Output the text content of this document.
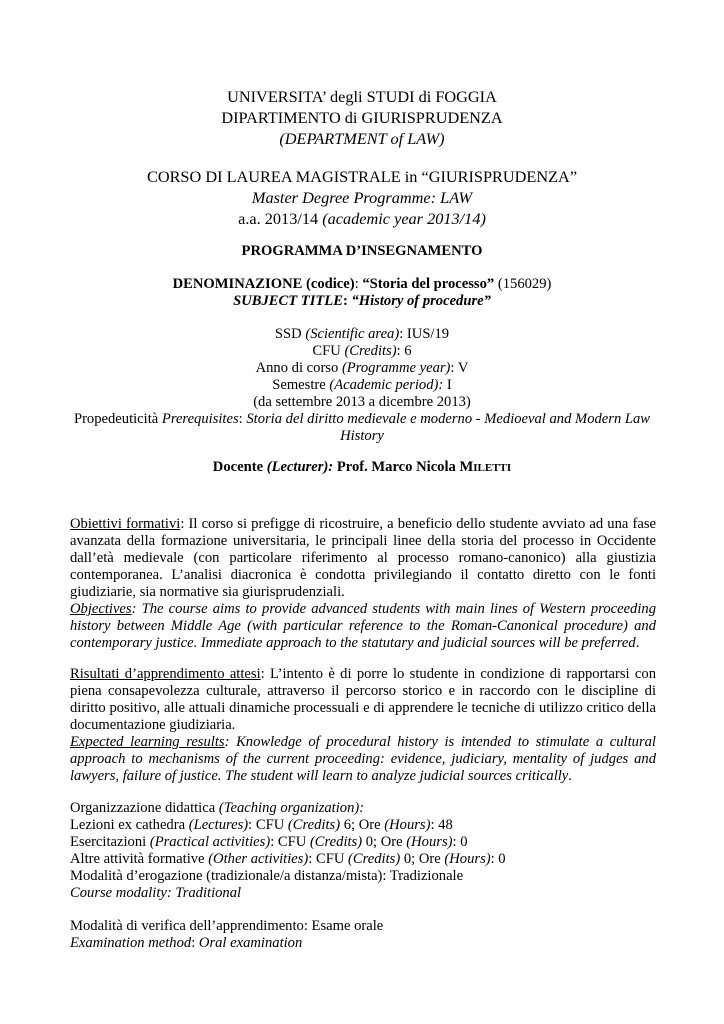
UNIVERSITA’ degli STUDI di FOGGIA
DIPARTIMENTO di GIURISPRUDENZA
(DEPARTMENT of LAW)
CORSO DI LAUREA MAGISTRALE in “GIURISPRUDENZA”
Master Degree Programme: LAW
a.a. 2013/14 (academic year 2013/14)
PROGRAMMA D’INSEGNAMENTO
DENOMINAZIONE (codice): “Storia del processo” (156029)
SUBJECT TITLE: “History of procedure”
SSD (Scientific area): IUS/19
CFU (Credits): 6
Anno di corso (Programme year): V
Semestre (Academic period): I
(da settembre 2013 a dicembre 2013)
Propedeuticità Prerequisites: Storia del diritto medievale e moderno - Medioeval and Modern Law
History
Docente (Lecturer): Prof. Marco Nicola MILETTI

Obiettivi formativi: Il corso si prefigge di ricostruire, a beneficio dello studente avviato ad una fase avanzata della formazione universitaria, le principali linee della storia del processo in Occidente dall’età medievale (con particolare riferimento al processo romano-canonico) alla giustizia contemporanea. L’analisi diacronica è condotta privilegiando il contatto diretto con le fonti giudiziarie, sia normative sia giurisprudenziali.

Objectives: The course aims to provide advanced students with main lines of Western proceeding history between Middle Age (with particular reference to the Roman-Canonical procedure) and contemporary justice. Immediate approach to the statutary and judicial sources will be preferred.

Risultati d’apprendimento attesi: L’intento è di porre lo studente in condizione di rapportarsi con piena consapevolezza culturale, attraverso il percorso storico e in raccordo con le discipline di diritto positivo, alle attuali dinamiche processuali e di apprendere le tecniche di utilizzo critico della documentazione giudiziaria.

Expected learning results: Knowledge of procedural history is intended to stimulate a cultural approach to mechanisms of the current proceeding: evidence, judiciary, mentality of judges and lawyers, failure of justice. The student will learn to analyze judicial sources critically.

Organizzazione didattica (Teaching organization):
Lezioni ex cathedra (Lectures): CFU (Credits) 6; Ore (Hours): 48
Esercitazioni (Practical activities): CFU (Credits) 0; Ore (Hours): 0
Altre attività formative (Other activities): CFU (Credits) 0; Ore (Hours): 0
Modalità d’erogazione (tradizionale/a distanza/mista): Tradizionale
Course modality: Traditional
Modalità di verifica dell’apprendimento: Esame orale
Examination method: Oral examination
